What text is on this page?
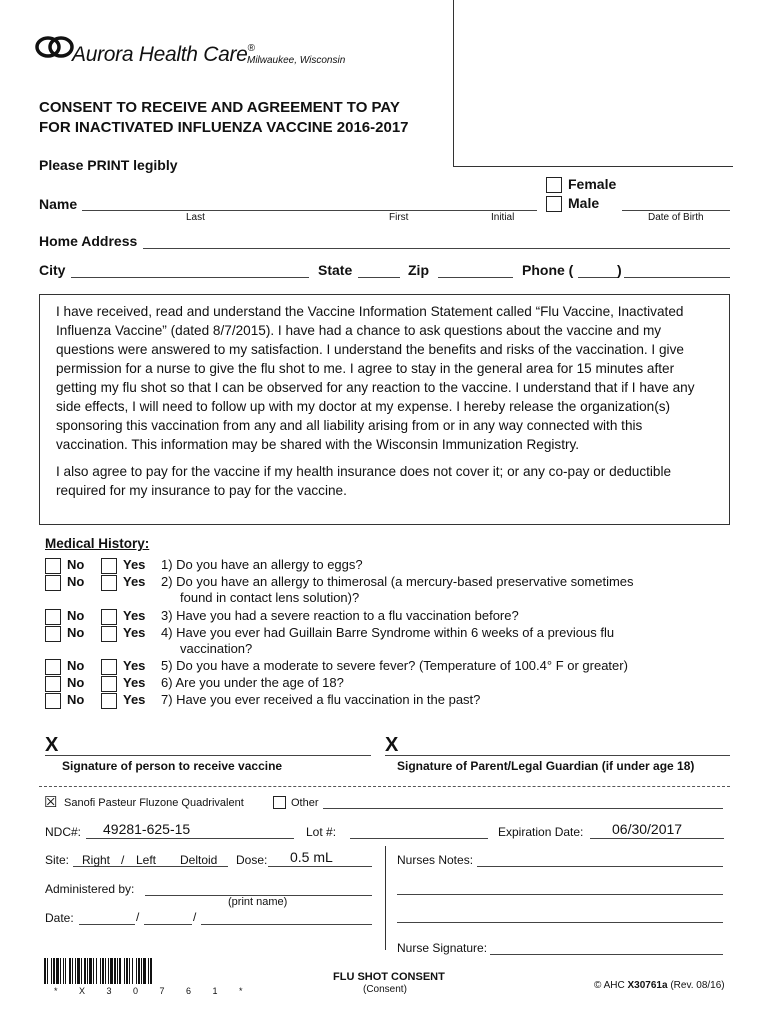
Aurora Health Care®
Milwaukee, Wisconsin
CONSENT TO RECEIVE AND AGREEMENT TO PAY
FOR INACTIVATED INFLUENZA VACCINE 2016-2017
Please PRINT legibly
Female
Male
Name
Last	First	Initial	Date of Birth
Home Address
City	State	Zip	Phone (	)

I have received, read and understand the Vaccine Information Statement called “Flu Vaccine, Inactivated Influenza Vaccine” (dated 8/7/2015). I have had a chance to ask questions about the vaccine and my questions were answered to my satisfaction. I understand the benefits and risks of the vaccination. I give permission for a nurse to give the flu shot to me. I agree to stay in the general area for 15 minutes after getting my flu shot so that I can be observed for any reaction to the vaccine. I understand that if I have any side effects, I will need to follow up with my doctor at my expense. I hereby release the organization(s) sponsoring this vaccination from any and all liability arising from or in any way connected with this vaccination. This information may be shared with the Wisconsin Immunization Registry.

I also agree to pay for the vaccine if my health insurance does not cover it; or any co-pay or deductible required for my insurance to pay for the vaccine.

Medical History:
No	Yes 1) Do you have an allergy to eggs?
No	Yes 2) Do you have an allergy to thimerosal (a mercury-based preservative sometimes
found in contact lens solution)?
No	Yes 3) Have you had a severe reaction to a flu vaccination before?
No	Yes 4) Have you ever had Guillain Barre Syndrome within 6 weeks of a previous flu
vaccination?
No	Yes 5) Do you have a moderate to severe fever? (Temperature of 100.4° F or greater)
No	Yes 6) Are you under the age of 18?
No	Yes 7) Have you ever received a flu vaccination in the past?
X
Signature of person to receive vaccine
X
Signature of Parent/Legal Guardian (if under age 18)
☒ Sanofi Pasteur Fluzone Quadrivalent	Other
NDC#: 49281-625-15	Lot #:	Expiration Date: 06/30/2017
Site: Right / Left Deltoid Dose: 0.5 mL	Nurses Notes:
Administered by:
(print name)
Date:	/	/
Nurse Signature:
* X 3 0 7 6 1 *
FLU SHOT CONSENT
(Consent)	© AHC X30761a (Rev. 08/16)
